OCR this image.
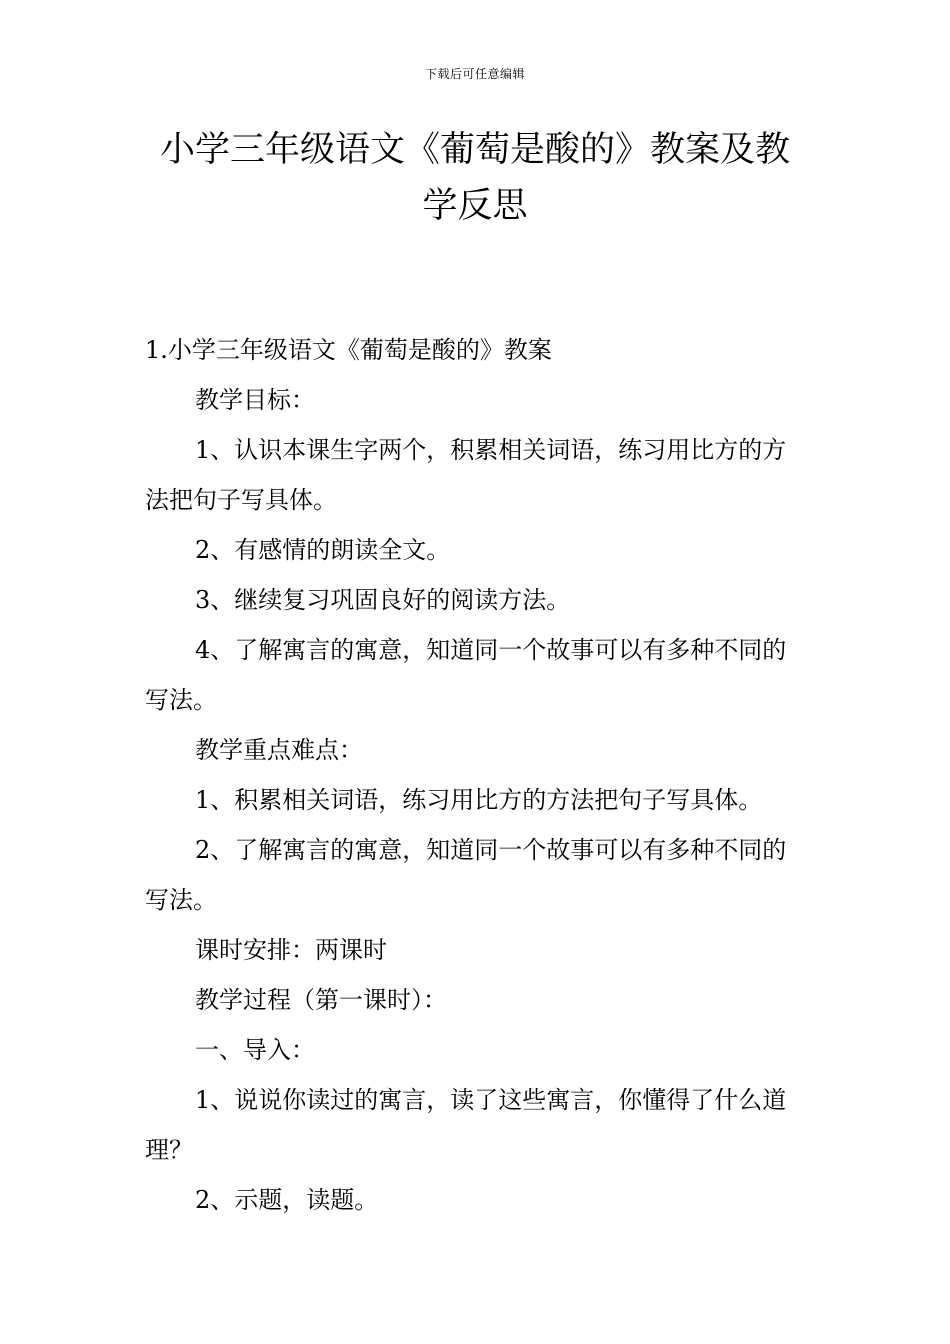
下载后可任意编辑
小学三年级语文《葡萄是酸的》教案及教学反思

1.小学三年级语文《葡萄是酸的》教案

教学目标：

1、认识本课生字两个，积累相关词语，练习用比方的方法把句子写具体。

2、有感情的朗读全文。

3、继续复习巩固良好的阅读方法。

4、了解寓言的寓意，知道同一个故事可以有多种不同的写法。

教学重点难点：

1、积累相关词语，练习用比方的方法把句子写具体。

2、了解寓言的寓意，知道同一个故事可以有多种不同的写法。

课时安排：两课时

教学过程（第一课时）：

一、导入：

1、说说你读过的寓言，读了这些寓言，你懂得了什么道理？

2、示题，读题。
